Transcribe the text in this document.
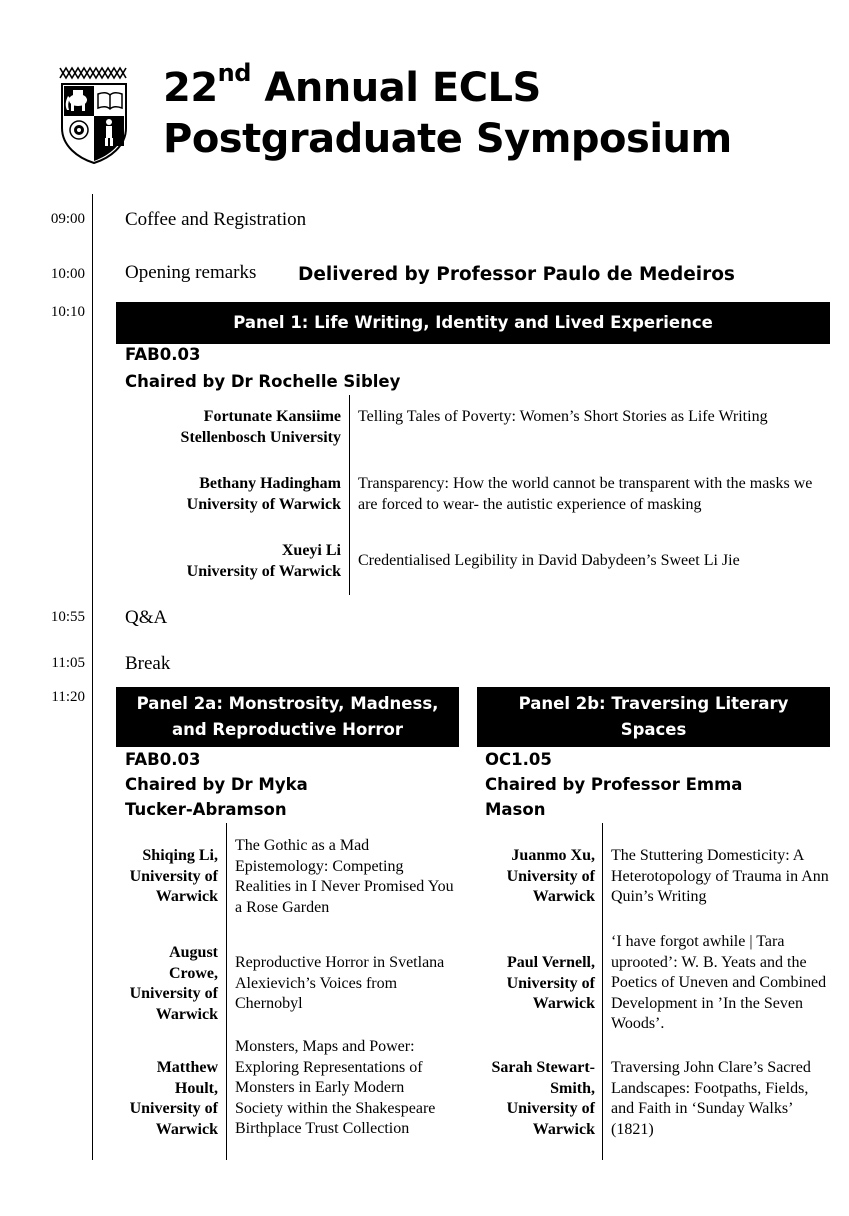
22nd Annual ECLS
Postgraduate Symposium
09:00 Coffee and Registration
10:00 Opening remarks Delivered by Professor Paulo de Medeiros
10:10
Panel 1: Life Writing, Identity and Lived Experience
FAB0.03
Chaired by Dr Rochelle Sibley
Fortunate Kansiime
Stellenbosch University
Telling Tales of Poverty: Women’s Short Stories as Life Writing
Bethany Hadingham
University of Warwick
Transparency: How the world cannot be transparent with the masks we are forced to wear- the autistic experience of masking
Xueyi Li
University of Warwick
Credentialised Legibility in David Dabydeen’s Sweet Li Jie
10:55 Q&A
11:05 Break
11:20	Panel 2a: Monstrosity, Madness, and Reproductive Horror
FAB0.03
Chaired by Dr Myka Tucker-Abramson
Shiqing Li, University of Warwick
The Gothic as a Mad Epistemology: Competing Realities in I Never Promised You a Rose Garden
August Crowe, University of Warwick
Reproductive Horror in Svetlana Alexievich’s Voices from Chernobyl
Matthew Hoult, University of Warwick
Monsters, Maps and Power: Exploring Representations of Monsters in Early Modern Society within the Shakespeare Birthplace Trust Collection
Panel 2b: Traversing Literary Spaces
OC1.05
Chaired by Professor Emma Mason
Juanmo Xu, University of Warwick
The Stuttering Domesticity: A Heterotopology of Trauma in Ann Quin’s Writing
Paul Vernell, University of Warwick
‘I have forgot awhile | Tara uprooted’: W. B. Yeats and the Poetics of Uneven and Combined Development in ’In the Seven Woods’.
Sarah Stewart-Smith, University of Warwick
Traversing John Clare’s Sacred Landscapes: Footpaths, Fields, and Faith in ‘Sunday Walks’ (1821)
